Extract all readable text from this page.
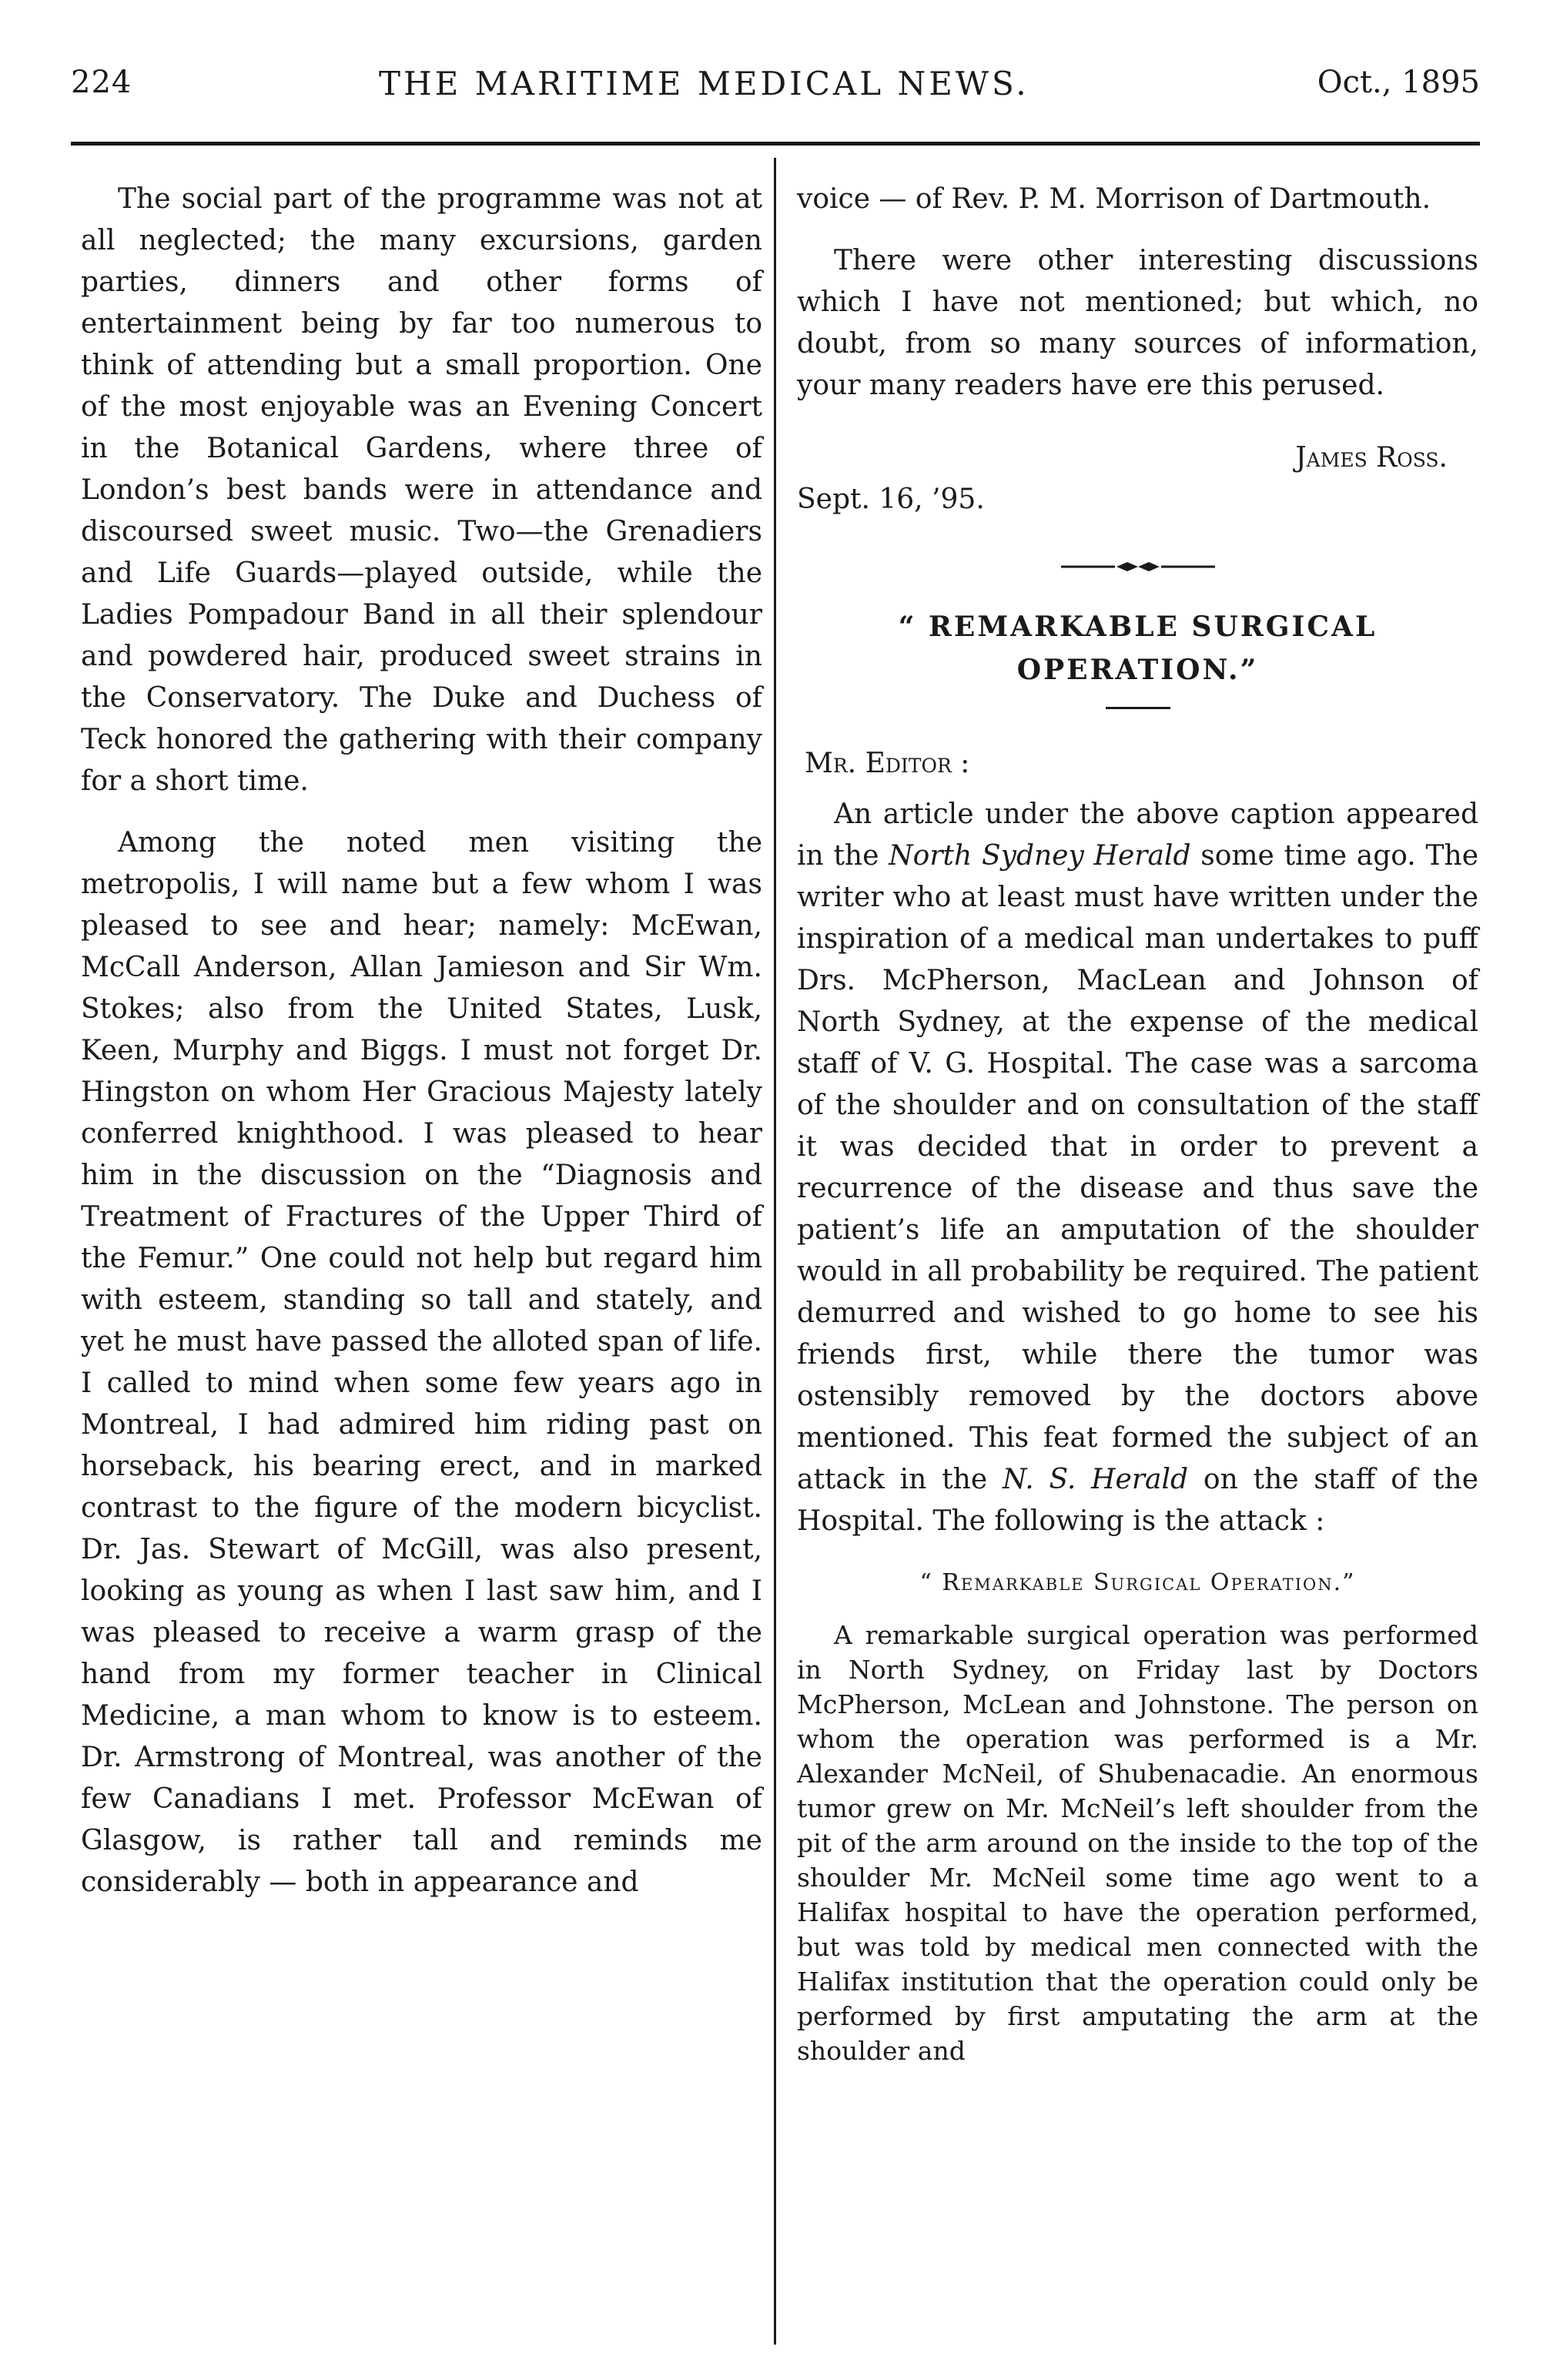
224	THE MARITIME MEDICAL NEWS.	Oct., 1895

The social part of the programme was not at all neglected; the many excursions, garden parties, dinners and other forms of entertainment being by far too numerous to think of attending but a small proportion. One of the most enjoyable was an Evening Concert in the Botanical Gardens, where three of London’s best bands were in attendance and discoursed sweet music. Two—the Grenadiers and Life Guards—played outside, while the Ladies Pompadour Band in all their splendour and powdered hair, produced sweet strains in the Conservatory. The Duke and Duchess of Teck honored the gathering with their company for a short time.

Among the noted men visiting the metropolis, I will name but a few whom I was pleased to see and hear; namely: McEwan, McCall Anderson, Allan Jamieson and Sir Wm. Stokes; also from the United States, Lusk, Keen, Murphy and Biggs. I must not forget Dr. Hingston on whom Her Gracious Majesty lately conferred knighthood. I was pleased to hear him in the discussion on the “Diagnosis and Treatment of Fractures of the Upper Third of the Femur.” One could not help but regard him with esteem, standing so tall and stately, and yet he must have passed the alloted span of life. I called to mind when some few years ago in Montreal, I had admired him riding past on horseback, his bearing erect, and in marked contrast to the figure of the modern bicyclist. Dr. Jas. Stewart of McGill, was also present, looking as young as when I last saw him, and I was pleased to receive a warm grasp of the hand from my former teacher in Clinical Medicine, a man whom to know is to esteem. Dr. Armstrong of Montreal, was another of the few Canadians I met. Professor McEwan of Glasgow, is rather tall and reminds me considerably — both in appearance and

voice — of Rev. P. M. Morrison of Dartmouth.

There were other interesting discussions which I have not mentioned; but which, no doubt, from so many sources of information, your many readers have ere this perused.

James Ross.
Sept. 16, ’95.
“ REMARKABLE SURGICAL OPERATION.”
Mr. Editor :

An article under the above caption appeared in the North Sydney Herald some time ago. The writer who at least must have written under the inspiration of a medical man undertakes to puff Drs. McPherson, MacLean and Johnson of North Sydney, at the expense of the medical staff of V. G. Hospital. The case was a sarcoma of the shoulder and on consultation of the staff it was decided that in order to prevent a recurrence of the disease and thus save the patient’s life an amputation of the shoulder would in all probability be required. The patient demurred and wished to go home to see his friends first, while there the tumor was ostensibly removed by the doctors above mentioned. This feat formed the subject of an attack in the N. S. Herald on the staff of the Hospital. The following is the attack :

“ Remarkable Surgical Operation.”

A remarkable surgical operation was performed in North Sydney, on Friday last by Doctors McPherson, McLean and Johnstone. The person on whom the operation was performed is a Mr. Alexander McNeil, of Shubenacadie. An enormous tumor grew on Mr. McNeil’s left shoulder from the pit of the arm around on the inside to the top of the shoulder Mr. McNeil some time ago went to a Halifax hospital to have the operation performed, but was told by medical men connected with the Halifax institution that the operation could only be performed by first amputating the arm at the shoulder and
